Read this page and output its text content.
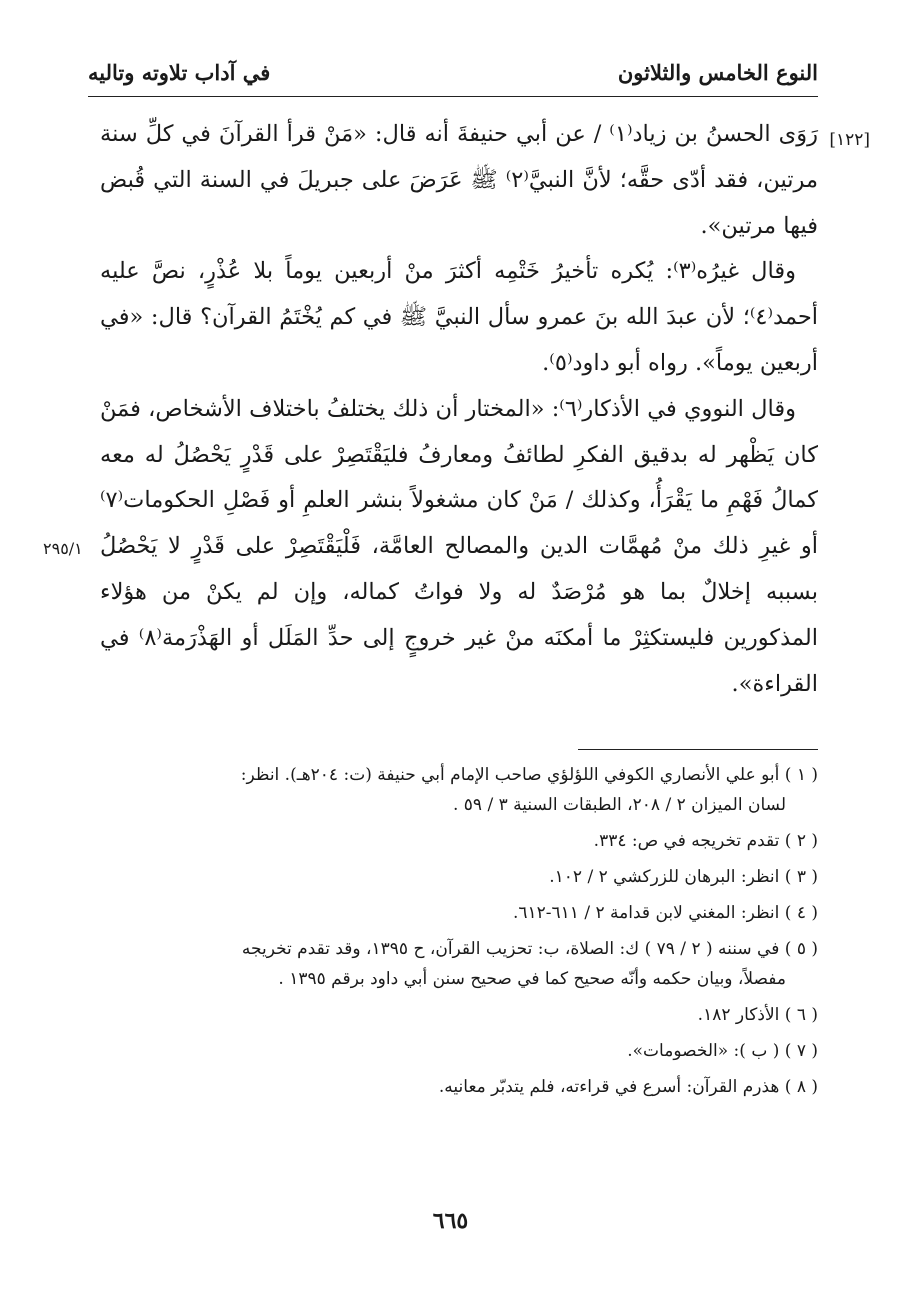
النوع الخامس والثلاثون
في آداب تلاوته وتاليه
[١٢٢]
٢٩٥/١

رَوَى الحسنُ بن زياد⁽١⁾ / عن أبي حنيفةَ أنه قال: «مَنْ قرأ القرآنَ في كلِّ سنة مرتين، فقد أدّى حقَّه؛ لأنَّ النبيَّ⁽٢⁾ ﷺ عَرَضَ على جبريلَ في السنة التي قُبض فيها مرتين».

وقال غيرُه⁽٣⁾: يُكره تأخيرُ خَتْمِه أكثرَ منْ أربعين يوماً بلا عُذْرٍ، نصَّ عليه أحمد⁽٤⁾؛ لأن عبدَ الله بنَ عمرو سأل النبيَّ ﷺ في كم يُخْتَمُ القرآن؟ قال: «في أربعين يوماً». رواه أبو داود⁽٥⁾.

وقال النووي في الأذكار⁽٦⁾: «المختار أن ذلك يختلفُ باختلاف الأشخاص، فمَنْ كان يَظْهر له بدقيق الفكرِ لطائفُ ومعارفُ فليَقْتَصِرْ على قَدْرٍ يَحْصُلُ له معه كمالُ فَهْمِ ما يَقْرَأُ، وكذلك / مَنْ كان مشغولاً بنشر العلمِ أو فَصْلِ الحكومات⁽٧⁾ أو غيرِ ذلك منْ مُهمَّات الدين والمصالح العامَّة، فَلْيَقْتَصِرْ على قَدْرٍ لا يَحْصُلُ بسببه إخلالٌ بما هو مُرْصَدٌ له ولا فواتُ كماله، وإن لم يكنْ من هؤلاء المذكورين فليستكثِرْ ما أمكنَه منْ غير خروجٍ إلى حدِّ المَلَل أو الهَذْرَمة⁽٨⁾ في القراءة».

( ١ ) أبو علي الأنصاري الكوفي اللؤلؤي صاحب الإمام أبي حنيفة (ت: ٢٠٤هـ). انظر:
لسان الميزان ٢ / ٢٠٨، الطبقات السنية ٣ / ٥٩ .
( ٢ ) تقدم تخريجه في ص: ٣٣٤.
( ٣ ) انظر: البرهان للزركشي ٢ / ١٠٢.
( ٤ ) انظر: المغني لابن قدامة ٢ / ٦١١-٦١٢.
( ٥ ) في سننه ( ٢ / ٧٩ ) ك: الصلاة، ب: تحزيب القرآن، ح ١٣٩٥، وقد تقدم تخريجه
مفصلاً، وبيان حكمه وأنّه صحيح كما في صحيح سنن أبي داود برقم ١٣٩٥ .
( ٦ ) الأذكار ١٨٢.
( ٧ ) ( ب ): «الخصومات».
( ٨ ) هذرم القرآن: أسرع في قراءته، فلم يتدبّر معانيه.
٦٦٥
